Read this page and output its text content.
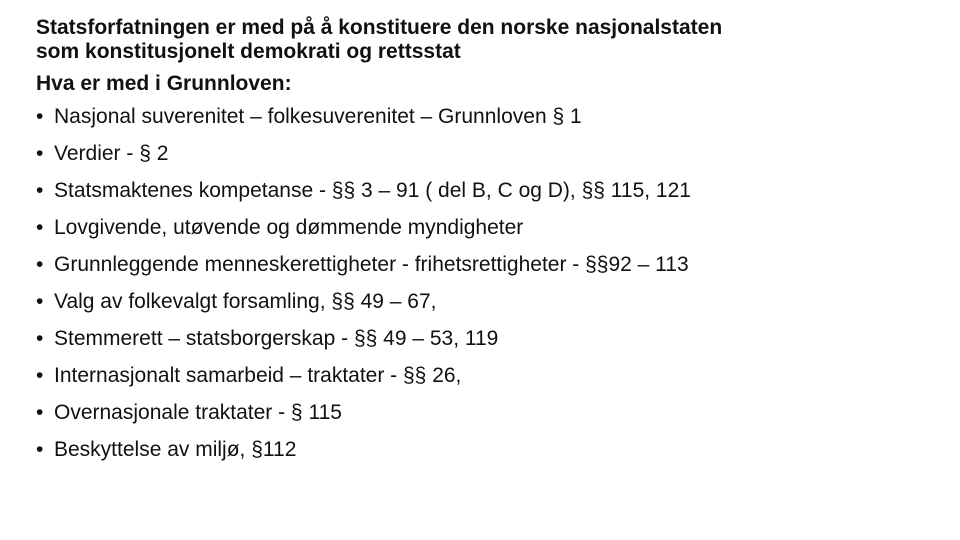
Statsforfatningen er med på å konstituere den norske nasjonalstaten
som konstitusjonelt demokrati og rettsstat

Hva er med i Grunnloven:

• Nasjonal suverenitet – folkesuverenitet – Grunnloven § 1
• Verdier - § 2
• Statsmaktenes kompetanse - §§ 3 – 91 ( del B, C og D), §§ 115, 121
• Lovgivende, utøvende og dømmende myndigheter
• Grunnleggende menneskerettigheter - frihetsrettigheter - §§92 – 113
• Valg av folkevalgt forsamling, §§ 49 – 67,
• Stemmerett – statsborgerskap - §§ 49 – 53, 119
• Internasjonalt samarbeid – traktater - §§ 26,
• Overnasjonale traktater - § 115
• Beskyttelse av miljø, §112
